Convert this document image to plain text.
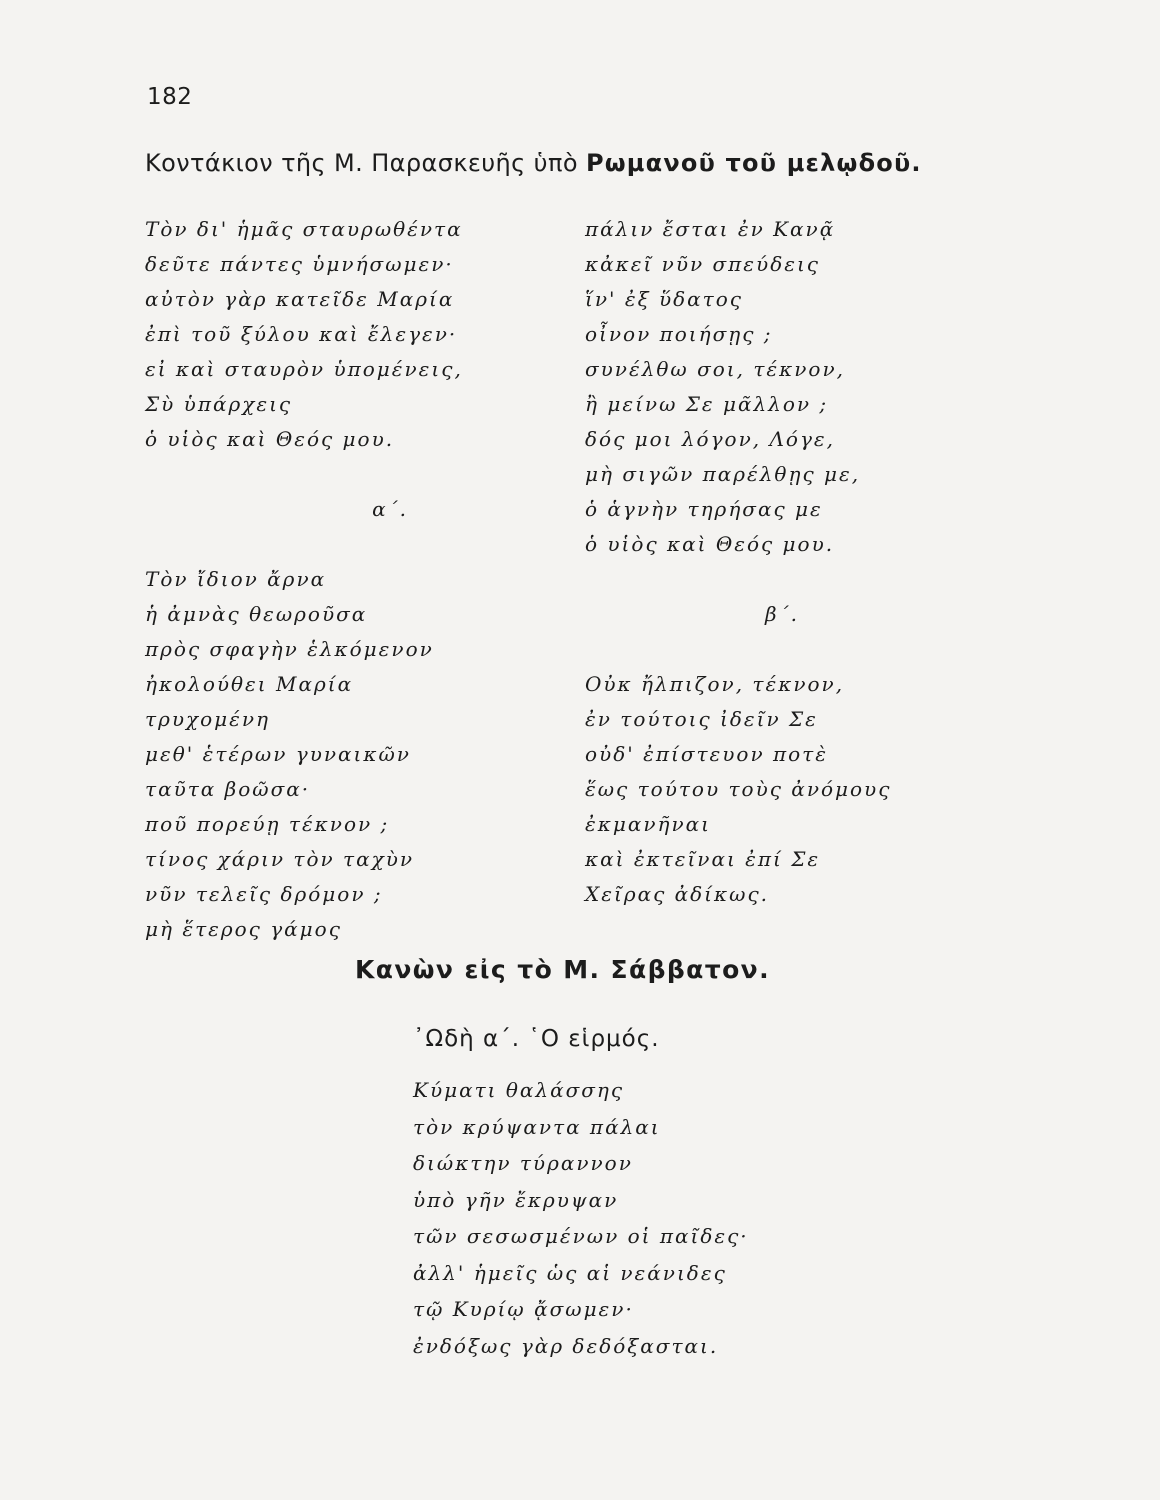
182
Κοντάκιον τῆς Μ. Παρασκευῆς ὑπὸ Ρωμανοῦ τοῦ μελῳδοῦ.
Τὸν δι' ἡμᾶς σταυρωθέντα
δεῦτε πάντες ὑμνήσωμεν·
αὐτὸν γὰρ κατεῖδε Μαρία
ἐπὶ τοῦ ξύλου καὶ ἔλεγεν·
εἰ καὶ σταυρὸν ὑπομένεις,
Σὺ ὑπάρχεις
ὁ υἱὸς καὶ Θεός μου.
α΄.
Τὸν ἴδιον ἄρνα
ἡ ἀμνὰς θεωροῦσα
πρὸς σφαγὴν ἑλκόμενον
ἠκολούθει Μαρία
τρυχομένη
μεθ' ἑτέρων γυναικῶν
ταῦτα βοῶσα·
ποῦ πορεύῃ τέκνον ;
τίνος χάριν τὸν ταχὺν
νῦν τελεῖς δρόμον ;
μὴ ἕτερος γάμος
πάλιν ἔσται ἐν Κανᾷ
κἀκεῖ νῦν σπεύδεις
ἵν' ἐξ ὕδατος
οἶνον ποιήσῃς ;
συνέλθω σοι, τέκνον,
ἢ μείνω Σε μᾶλλον ;
δός μοι λόγον, Λόγε,
μὴ σιγῶν παρέλθῃς με,
ὁ ἁγνὴν τηρήσας με
ὁ υἱὸς καὶ Θεός μου.
β΄.
Οὐκ ἤλπιζον, τέκνον,
ἐν τούτοις ἰδεῖν Σε
οὐδ' ἐπίστευον ποτὲ
ἕως τούτου τοὺς ἀνόμους
ἐκμανῆναι
καὶ ἐκτεῖναι ἐπί Σε
Χεῖρας ἀδίκως.
Κανὼν εἰς τὸ Μ. Σάββατον.
᾿Ωδὴ α΄. ῾Ο εἱρμός.
Κύματι θαλάσσης
τὸν κρύψαντα πάλαι
διώκτην τύραννον
ὑπὸ γῆν ἔκρυψαν
τῶν σεσωσμένων οἱ παῖδες·
ἀλλ' ἡμεῖς ὡς αἱ νεάνιδες
τῷ Κυρίῳ ᾄσωμεν·
ἐνδόξως γὰρ δεδόξασται.
